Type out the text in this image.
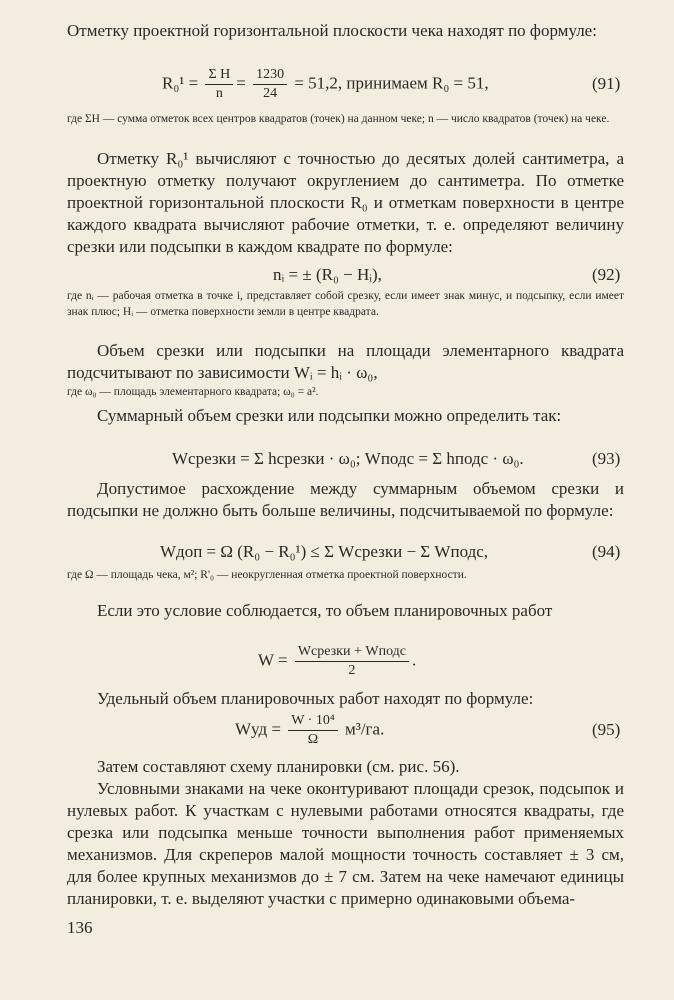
Отметку проектной горизонтальной плоскости чека находят по формуле:

$R_0^1 = \frac{\text{Σ H}}{n} = \frac{1230}{24} = 51,2$, принимаем R₀ = 51,	(91)

где ΣH — сумма отметок всех центров квадратов (точек) на данном чеке; n — число квадратов (точек) на чеке.

Отметку R₀¹ вычисляют с точностью до десятых долей сантиметра, а проектную отметку получают округлением до сантиметра. По отметке проектной горизонтальной плоскости R₀ и отметкам поверхности в центре каждого квадрата вычисляют рабочие отметки, т. е. определяют величину срезки или подсыпки в каждом квадрате по формуле:

nᵢ = ± (R₀ − Hᵢ),	(92)

где nᵢ — рабочая отметка в точке i, представляет собой срезку, если имеет знак минус, и подсыпку, если имеет знак плюс; Hᵢ — отметка поверхности земли в центре квадрата.

Объем срезки или подсыпки на площади элементарного квадрата подсчитывают по зависимости Wᵢ = hᵢ · ω₀,

где ω₀ — площадь элементарного квадрата; ω₀ = a².

Суммарный объем срезки или подсыпки можно определить так:

Wсрезки = Σ hсрезки · ω₀; Wподс = Σ hподс · ω₀.	(93)

Допустимое расхождение между суммарным объемом срезки и подсыпки не должно быть больше величины, подсчитываемой по формуле:

Wдоп = Ω (R₀ − R₀¹) ≤ Σ Wсрезки − Σ Wподс,	(94)

где Ω — площадь чека, м²; R'₀ — неокругленная отметка проектной поверхности.

Если это условие соблюдается, то объем планировочных работ

$W = \frac{\text{Wсрезки + Wподс}}{2}$ .

Удельный объем планировочных работ находят по формуле:

Wуд = $\frac{\text{W · 10⁴}}{\Omega} м^3/га$.	(95)

Затем составляют схему планировки (см. рис. 56).

Условными знаками на чеке оконтуривают площади срезок, подсыпок и нулевых работ. К участкам с нулевыми работами относятся квадраты, где срезка или подсыпка меньше точности выполнения работ применяемых механизмов. Для скреперов малой мощности точность составляет ± 3 см, для более крупных механизмов до ± 7 см. Затем на чеке намечают единицы планировки, т. е. выделяют участки с примерно одинаковыми объема-

136
